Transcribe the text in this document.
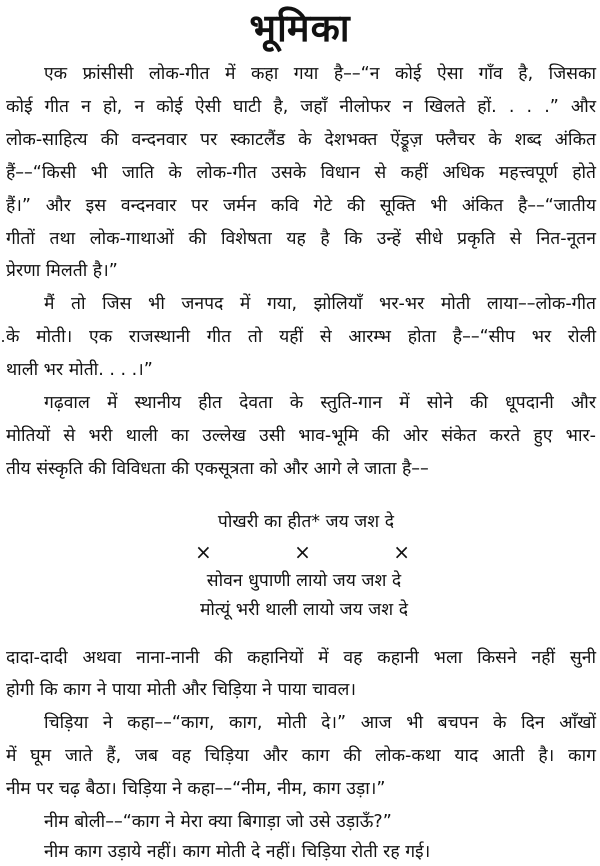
भूमिका
एक फ्रांसीसी लोक-गीत में कहा गया है––“न कोई ऐसा गाँव है, जिसका
कोई गीत न हो, न कोई ऐसी घाटी है, जहाँ नीलोफर न खिलते हों. . . .” और
लोक-साहित्य की वन्दनवार पर स्काटलैंड के देशभक्त ऐंड्रूज़ फ्लैचर के शब्द अंकित
हैं––“किसी भी जाति के लोक-गीत उसके विधान से कहीं अधिक महत्त्वपूर्ण होते
हैं।” और इस वन्दनवार पर जर्मन कवि गेटे की सूक्ति भी अंकित है––“जातीय
गीतों तथा लोक-गाथाओं की विशेषता यह है कि उन्हें सीधे प्रकृति से नित-नूतन
प्रेरणा मिलती है।”
मैं तो जिस भी जनपद में गया, झोलियाँ भर-भर मोती लाया––लोक-गीत
के मोती। एक राजस्थानी गीत तो यहीं से आरम्भ होता है––“सीप भर रोली
थाली भर मोती. . . .।”
गढ़वाल में स्थानीय हीत देवता के स्तुति-गान में सोने की धूपदानी और
मोतियों से भरी थाली का उल्लेख उसी भाव-भूमि की ओर संकेत करते हुए भार-
तीय संस्कृति की विविधता की एकसूत्रता को और आगे ले जाता है––
पोखरी का हीत* जय जश दे
×	×	×
सोवन धुपाणी लायो जय जश दे
मोत्यूं भरी थाली लायो जय जश दे
दादा-दादी अथवा नाना-नानी की कहानियों में वह कहानी भला किसने नहीं सुनी
होगी कि काग ने पाया मोती और चिड़िया ने पाया चावल।
चिड़िया ने कहा––“काग, काग, मोती दे।” आज भी बचपन के दिन आँखों
में घूम जाते हैं, जब वह चिड़िया और काग की लोक-कथा याद आती है। काग
नीम पर चढ़ बैठा। चिड़िया ने कहा––“नीम, नीम, काग उड़ा।”
नीम बोली––“काग ने मेरा क्या बिगाड़ा जो उसे उड़ाऊँ?”
नीम काग उड़ाये नहीं। काग मोती दे नहीं। चिड़िया रोती रह गई।
